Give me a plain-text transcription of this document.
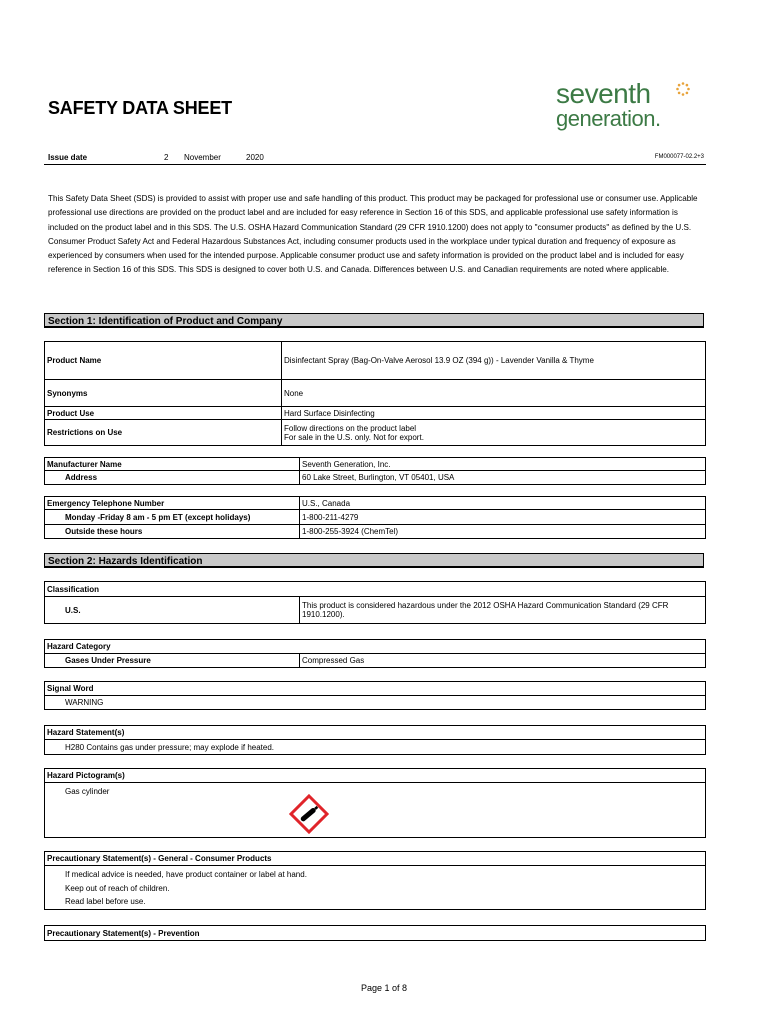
SAFETY DATA SHEET	seventh
generation.
Issue date	2 November	2020	FM000077-02.2+3
This Safety Data Sheet (SDS) is provided to assist with proper use and safe handling of this product. This product may be packaged for professional use or consumer use. Applicable professional use directions are provided on the product label and are included for easy reference in Section 16 of this SDS, and applicable professional use safety information is included on the product label and in this SDS. The U.S. OSHA Hazard Communication Standard (29 CFR 1910.1200) does not apply to "consumer products" as defined by the U.S. Consumer Product Safety Act and Federal Hazardous Substances Act, including consumer products used in the workplace under typical duration and frequency of exposure as experienced by consumers when used for the intended purpose. Applicable consumer product use and safety information is provided on the product label and is included for easy reference in Section 16 of this SDS. This SDS is designed to cover both U.S. and Canada. Differences between U.S. and Canadian requirements are noted where applicable.
Section 1: Identification of Product and Company
Product Name	Disinfectant Spray (Bag-On-Valve Aerosol 13.9 OZ (394 g)) - Lavender Vanilla & Thyme
Synonyms	None
Product Use	Hard Surface Disinfecting
Restrictions on Use	Follow directions on the product label
For sale in the U.S. only. Not for export.
Manufacturer Name	Seventh Generation, Inc.
Address	60 Lake Street, Burlington, VT 05401, USA
Emergency Telephone Number	U.S., Canada
Monday -Friday 8 am - 5 pm ET (except holidays)	1-800-211-4279
Outside these hours	1-800-255-3924 (ChemTel)
Section 2: Hazards Identification
Classification
U.S.	This product is considered hazardous under the 2012 OSHA Hazard Communication Standard (29 CFR 1910.1200).
Hazard Category
Gases Under Pressure	Compressed Gas
Signal Word
WARNING
Hazard Statement(s)
H280 Contains gas under pressure; may explode if heated.
Hazard Pictogram(s)
Gas cylinder
Precautionary Statement(s) - General - Consumer Products

If medical advice is needed, have product container or label at hand.
Keep out of reach of children.
Read label before use.
Precautionary Statement(s) - Prevention
Page 1 of 8
